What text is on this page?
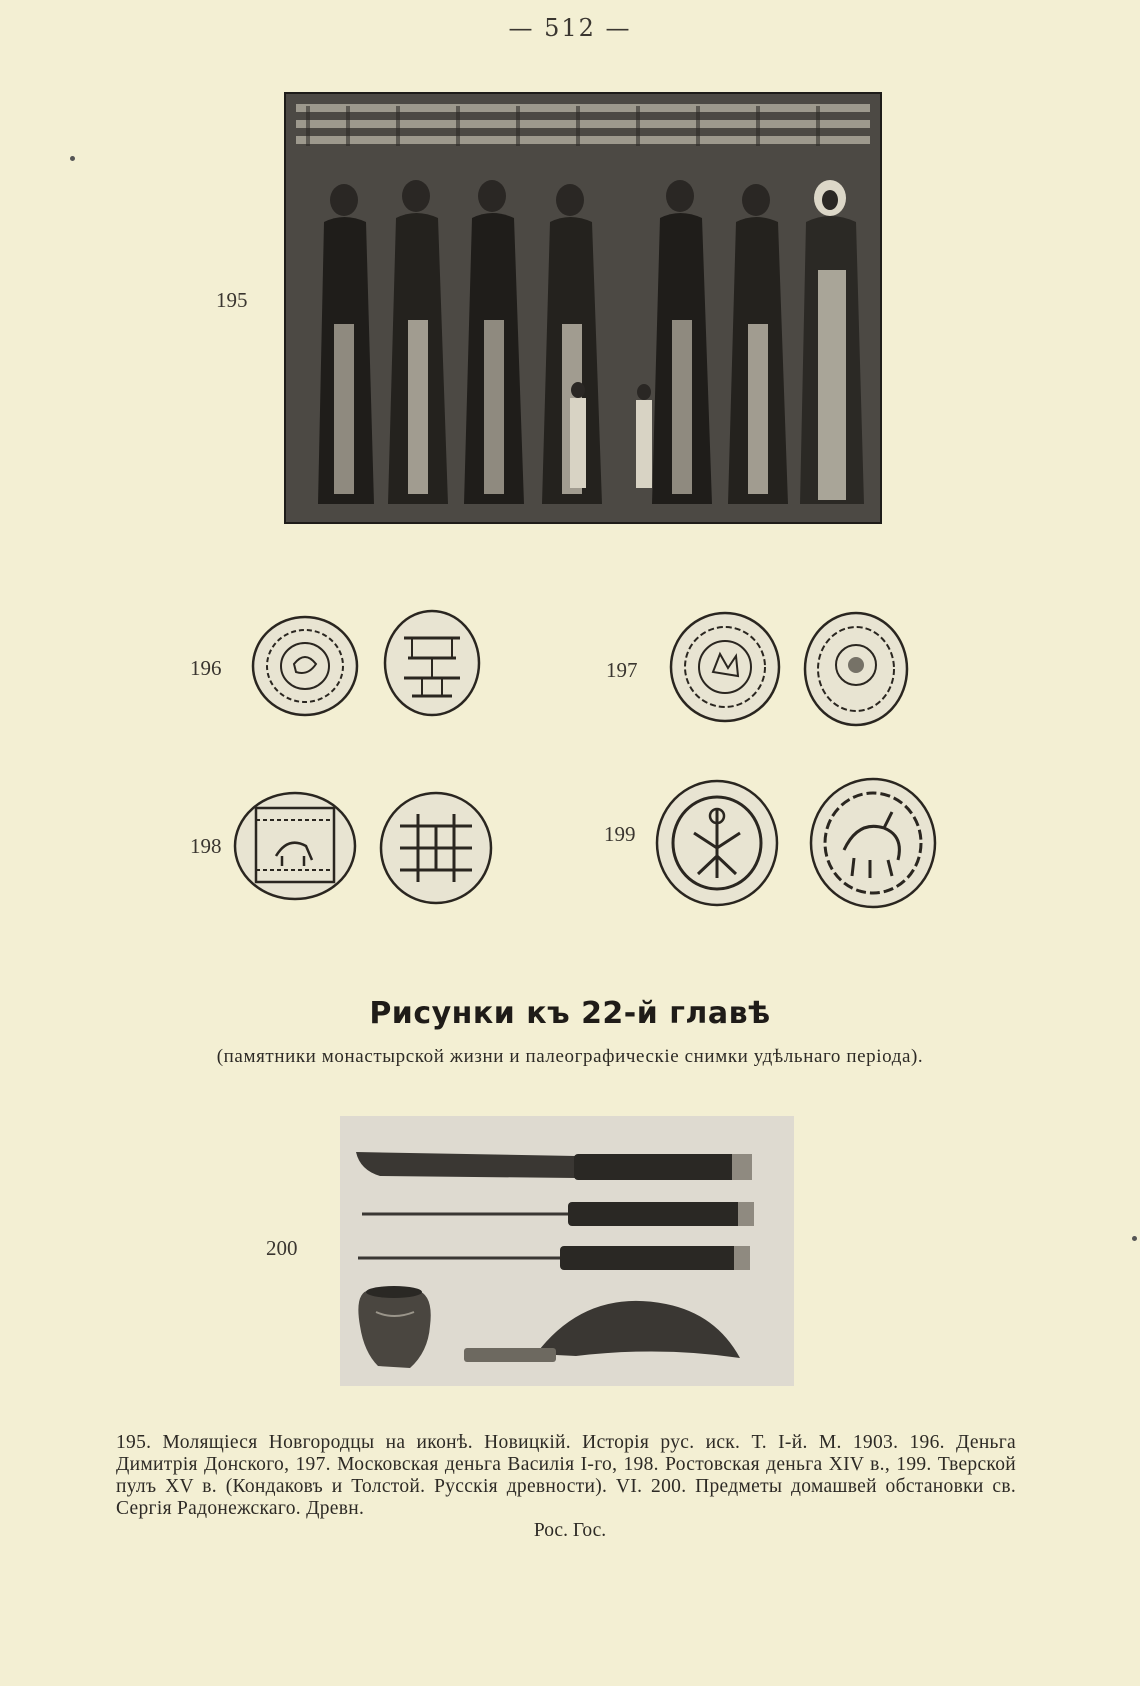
— 512 —
195
196	197
198	199
Рисунки къ 22-й главѣ
(памятники монастырской жизни и палеографическіе снимки удѣльнаго періода).
200
195. Молящіеся Новгородцы на иконѣ. Новицкій. Исторія рус. иск. Т. I-й. М. 1903. 196. Деньга Димитрія Донского, 197. Московская деньга Василія I-го, 198. Ростовская деньга XIV в., 199. Тверской пулъ XV в. (Кондаковъ и Толстой. Русскія древности). VI. 200. Предметы домашвей обстановки св. Сергія Радонежскаго. Древн.
Рос. Гос.
